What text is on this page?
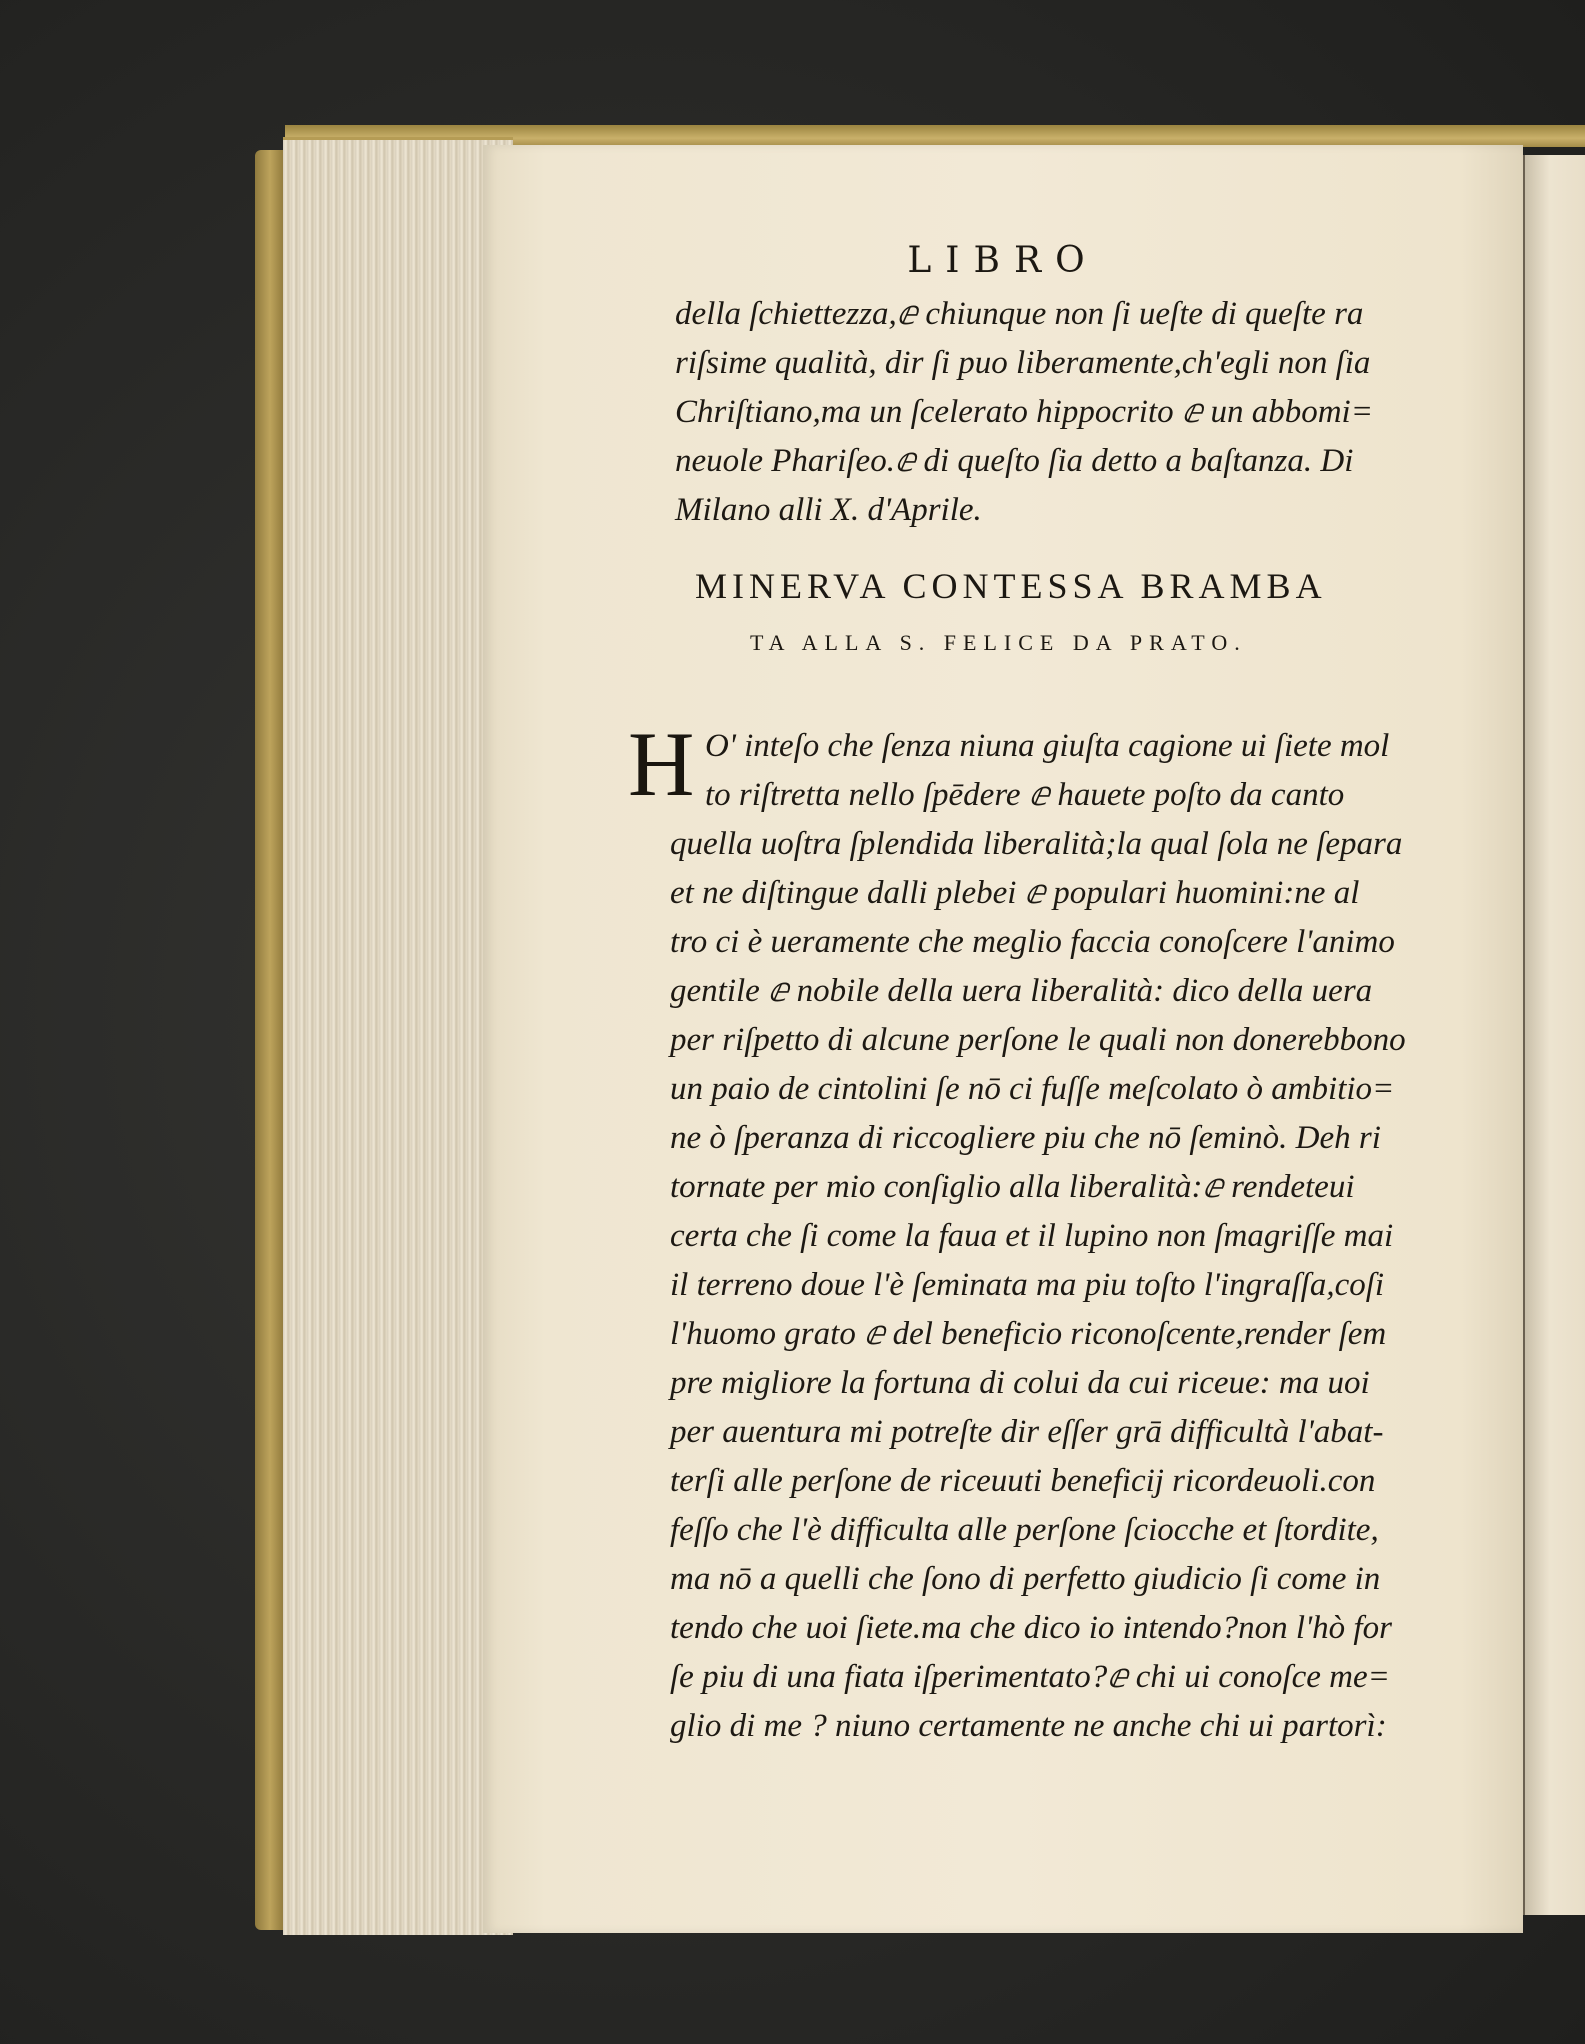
LIBRO
della ſchiettezza,ⅇ chiunque non ſi ueſte di queſte ra
riſsime qualità, dir ſi puo liberamente,ch'egli non ſia
Chriſtiano,ma un ſcelerato hippocrito ⅇ un abbomi=
neuole Phariſeo.ⅇ di queſto ſia detto a baſtanza. Di
Milano alli X. d'Aprile.
MINERVA CONTESSA BRAMBA
TA ALLA S. FELICE DA PRATO.
H O' inteſo che ſenza niuna giuſta cagione ui ſiete mol
to riſtretta nello ſpēdere ⅇ hauete poſto da canto
quella uoſtra ſplendida liberalità;la qual ſola ne ſepara
et ne diſtingue dalli plebei ⅇ populari huomini:ne al
tro ci è ueramente che meglio faccia conoſcere l'animo
gentile ⅇ nobile della uera liberalità: dico della uera
per riſpetto di alcune perſone le quali non donerebbono
un paio de cintolini ſe nō ci fuſſe meſcolato ò ambitio=
ne ò ſperanza di riccogliere piu che nō ſeminò. Deh ri
tornate per mio conſiglio alla liberalità:ⅇ rendeteui
certa che ſi come la faua et il lupino non ſmagriſſe mai
il terreno doue l'è ſeminata ma piu toſto l'ingraſſa,coſi
l'huomo grato ⅇ del beneficio riconoſcente,render ſem
pre migliore la fortuna di colui da cui riceue: ma uoi
per auentura mi potreſte dir eſſer grā difficultà l'abat-
terſi alle perſone de riceuuti beneficij ricordeuoli.con
feſſo che l'è difficulta alle perſone ſciocche et ſtordite,
ma nō a quelli che ſono di perfetto giudicio ſi come in
tendo che uoi ſiete.ma che dico io intendo?non l'hò for
ſe piu di una fiata iſperimentato?ⅇ chi ui conoſce me=
glio di me ? niuno certamente ne anche chi ui partorì:
